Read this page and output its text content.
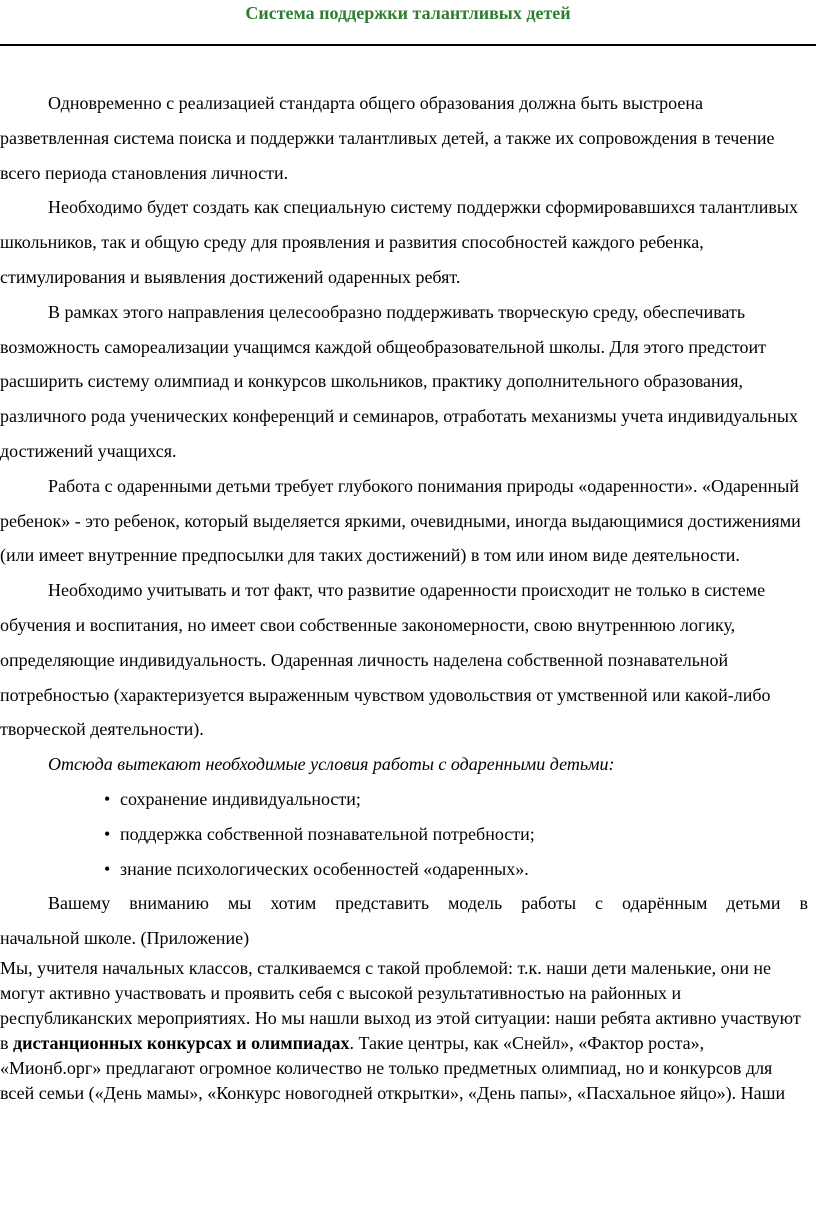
Система поддержки талантливых детей

Одновременно с реализацией стандарта общего образования должна быть выстроена разветвленная система поиска и поддержки талантливых детей, а также их сопровождения в течение всего периода становления личности.

Необходимо будет создать как специальную систему поддержки сформировавшихся талантливых школьников, так и общую среду для проявления и развития способностей каждого ребенка, стимулирования и выявления достижений одаренных ребят.

В рамках этого направления целесообразно поддерживать творческую среду, обеспечивать возможность самореализации учащимся каждой общеобразовательной школы. Для этого предстоит расширить систему олимпиад и конкурсов школьников, практику дополнительного образования, различного рода ученических конференций и семинаров, отработать механизмы учета индивидуальных достижений учащихся.

Работа с одаренными детьми требует глубокого понимания природы «одаренности». «Одаренный ребенок» - это ребенок, который выделяется яркими, очевидными, иногда выдающимися достижениями (или имеет внутренние предпосылки для таких достижений) в том или ином виде деятельности.

Необходимо учитывать и тот факт, что развитие одаренности происходит не только в системе обучения и воспитания, но имеет свои собственные закономерности, свою внутреннюю логику, определяющие индивидуальность. Одаренная личность наделена собственной познавательной потребностью (характеризуется выраженным чувством удовольствия от умственной или какой-либо творческой деятельности).

Отсюда вытекают необходимые условия работы с одаренными детьми:

• сохранение индивидуальности;
• поддержка собственной познавательной потребности;
• знание психологических особенностей «одаренных».

Вашему вниманию мы хотим представить модель работы с одарённым детьми в

начальной школе. (Приложение)

Мы, учителя начальных классов, сталкиваемся с такой проблемой: т.к. наши дети маленькие, они не могут активно участвовать и проявить себя с высокой результативностью на районных и республиканских мероприятиях. Но мы нашли выход из этой ситуации: наши ребята активно участвуют в дистанционных конкурсах и олимпиадах. Такие центры, как «Снейл», «Фактор роста», «Мионб.орг» предлагают огромное количество не только предметных олимпиад, но и конкурсов для всей семьи («День мамы», «Конкурс новогодней открытки», «День папы», «Пасхальное яйцо»). Наши
